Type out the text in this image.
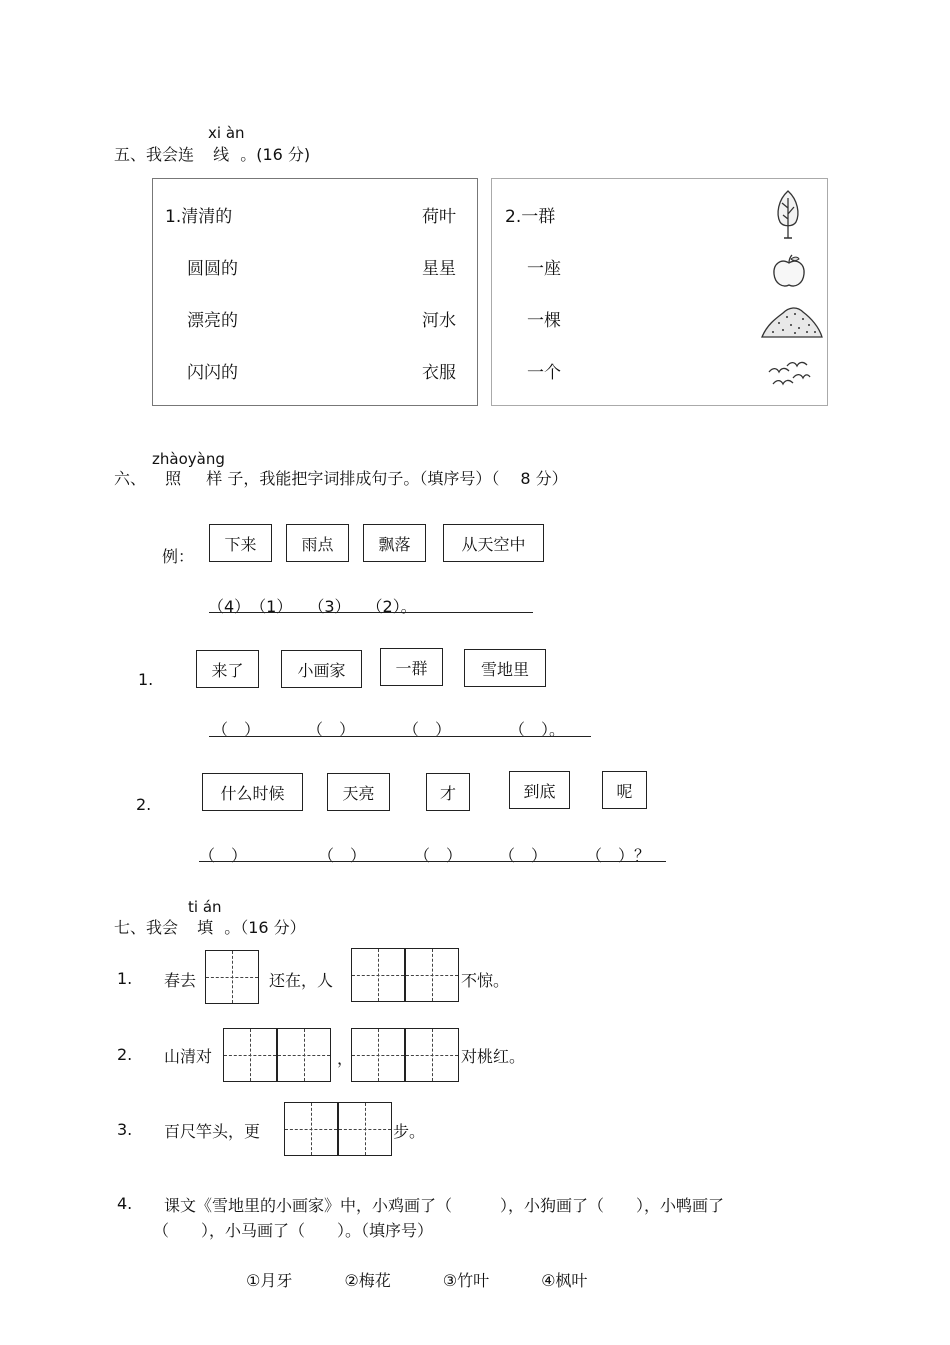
xi àn
五、我会连 线 。(16 分)
1.清清的	荷叶
圆圆的	星星
漂亮的	河水
闪闪的	衣服
2.一群
一座
一棵
一个
zhàoyàng
六、 照 样 子，我能把字词排成句子。（填序号）（　 8 分）
例：
下来	雨点	飘落	从天空中
（4）　（1）　　（3）　　（2）。
1.	来了	小画家	一群	雪地里
（　）	（　）	（　）	（　）。
2.
什么时候	天亮	才	到底	呢
（　）	（　）	（　） （　） （　）？
ti án
七、我会 填 。（16 分）
1. 春去	还在，人	不惊。
2. 山清对	，	对桃红。
3. 百尺竿头，更	步。
4. 课文《雪地里的小画家》中，小鸡画了（　　　），小狗画了（　　），小鸭画了
（　　），小马画了（　　）。（填序号）
①月牙	②梅花	③竹叶	④枫叶
